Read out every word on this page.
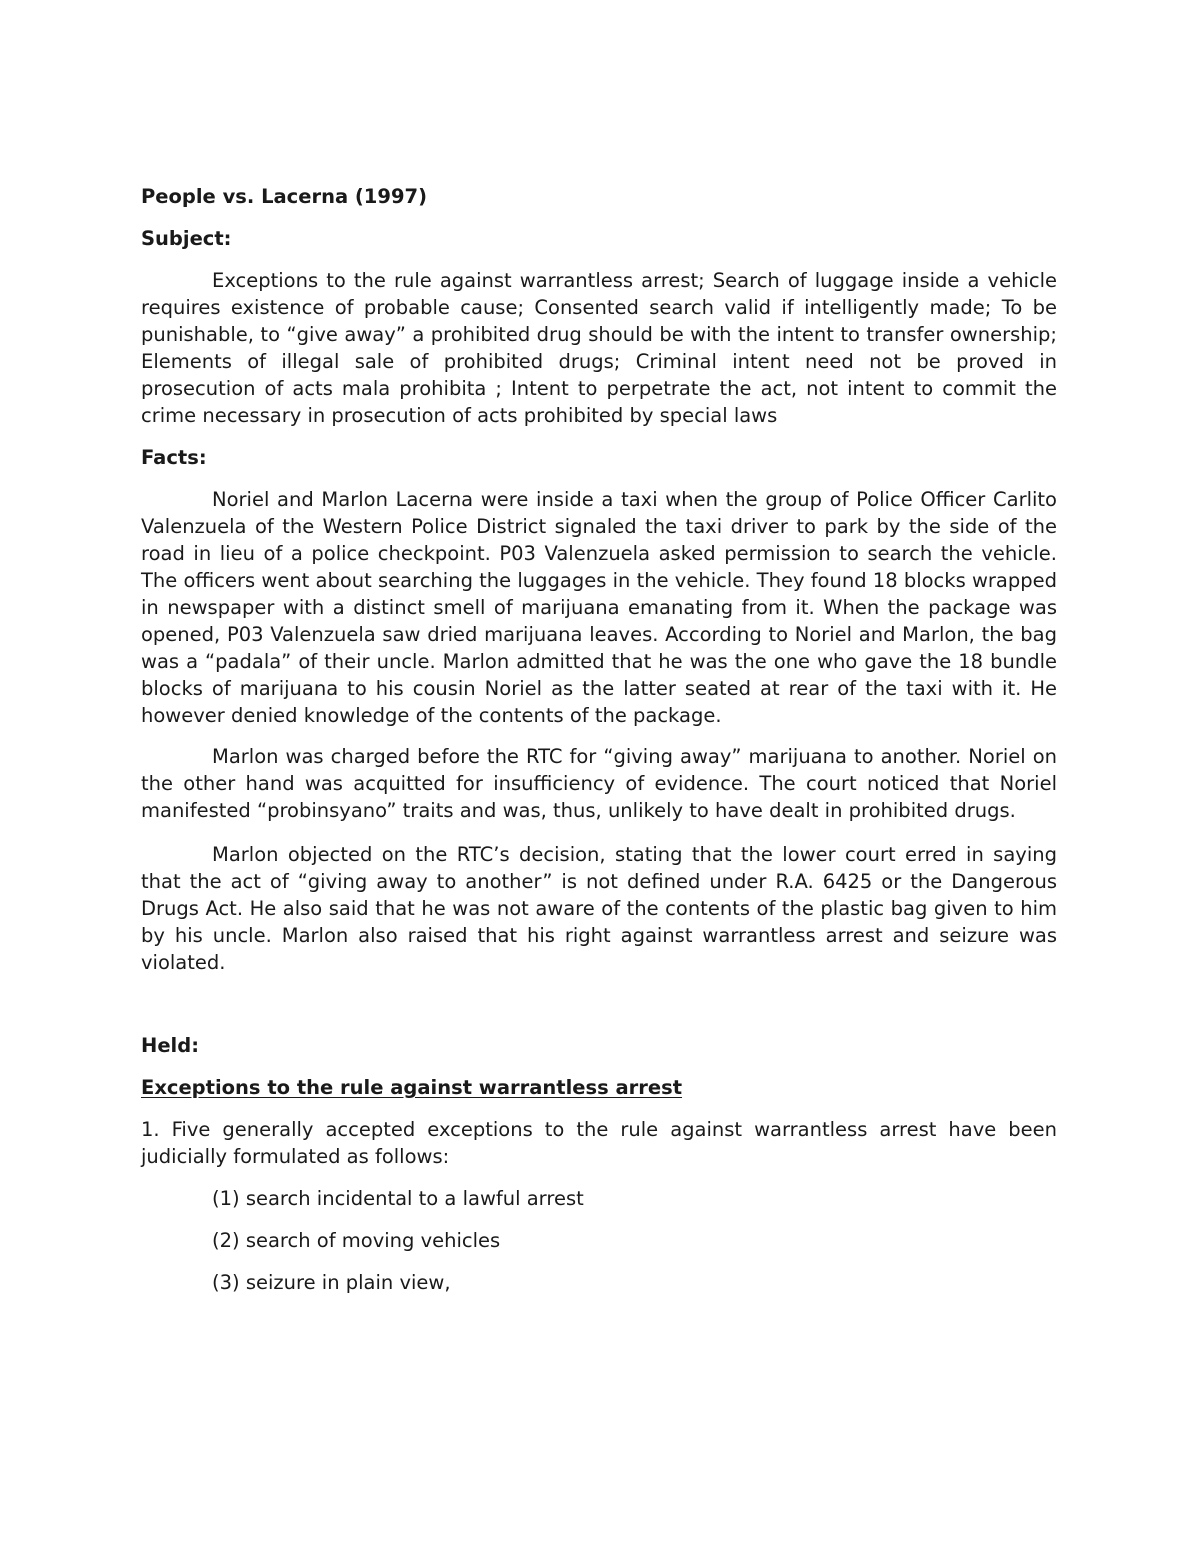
People vs. Lacerna (1997)

Subject:

Exceptions to the rule against warrantless arrest; Search of luggage inside a vehicle requires existence of probable cause; Consented search valid if intelligently made; To be punishable, to “give away” a prohibited drug should be with the intent to transfer ownership; Elements of illegal sale of prohibited drugs; Criminal intent need not be proved in prosecution of acts mala prohibita ; Intent to perpetrate the act, not intent to commit the crime necessary in prosecution of acts prohibited by special laws

Facts:

Noriel and Marlon Lacerna were inside a taxi when the group of Police Officer Carlito Valenzuela of the Western Police District signaled the taxi driver to park by the side of the road in lieu of a police checkpoint. P03 Valenzuela asked permission to search the vehicle. The officers went about searching the luggages in the vehicle. They found 18 blocks wrapped in newspaper with a distinct smell of marijuana emanating from it. When the package was opened, P03 Valenzuela saw dried marijuana leaves. According to Noriel and Marlon, the bag was a “padala” of their uncle. Marlon admitted that he was the one who gave the 18 bundle blocks of marijuana to his cousin Noriel as the latter seated at rear of the taxi with it. He however denied knowledge of the contents of the package.

Marlon was charged before the RTC for “giving away” marijuana to another. Noriel on the other hand was acquitted for insufficiency of evidence. The court noticed that Noriel manifested “probinsyano” traits and was, thus, unlikely to have dealt in prohibited drugs.

Marlon objected on the RTC’s decision, stating that the lower court erred in saying that the act of “giving away to another” is not defined under R.A. 6425 or the Dangerous Drugs Act. He also said that he was not aware of the contents of the plastic bag given to him by his uncle. Marlon also raised that his right against warrantless arrest and seizure was violated.

Held:

Exceptions to the rule against warrantless arrest

1. Five generally accepted exceptions to the rule against warrantless arrest have been judicially formulated as follows:

(1) search incidental to a lawful arrest

(2) search of moving vehicles

(3) seizure in plain view,
